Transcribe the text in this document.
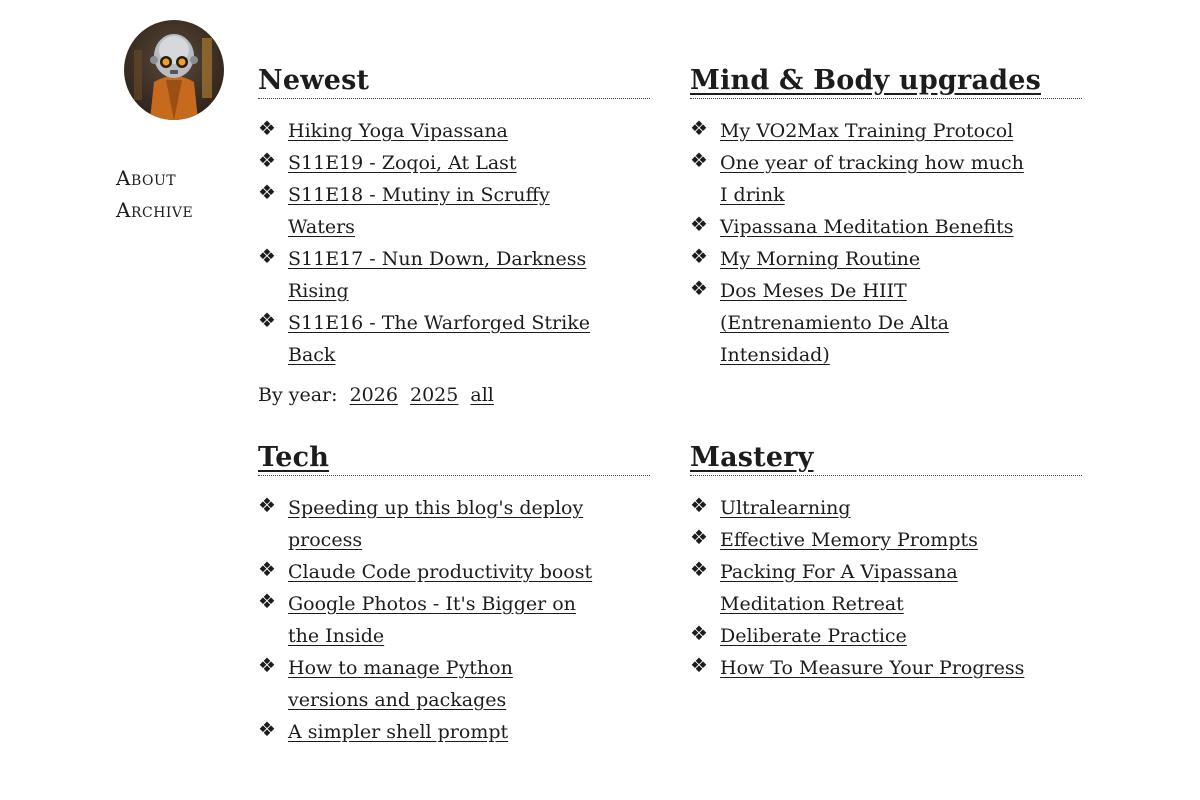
About
Archive
Newest
❖ Hiking Yoga Vipassana
❖ S11E19 - Zoqoi, At Last
❖ S11E18 - Mutiny in Scruffy Waters
❖ S11E17 - Nun Down, Darkness Rising
❖ S11E16 - The Warforged Strike Back
By year: 2026 2025 all
Mind & Body upgrades
❖ My VO2Max Training Protocol
❖ One year of tracking how much I drink
❖ Vipassana Meditation Benefits
❖ My Morning Routine
❖ Dos Meses De HIIT (Entrenamiento De Alta Intensidad)
Tech
❖ Speeding up this blog's deploy process
❖ Claude Code productivity boost
❖ Google Photos - It's Bigger on the Inside
❖ How to manage Python versions and packages
❖ A simpler shell prompt
Mastery
❖ Ultralearning
❖ Effective Memory Prompts
❖ Packing For A Vipassana Meditation Retreat
❖ Deliberate Practice
❖ How To Measure Your Progress
